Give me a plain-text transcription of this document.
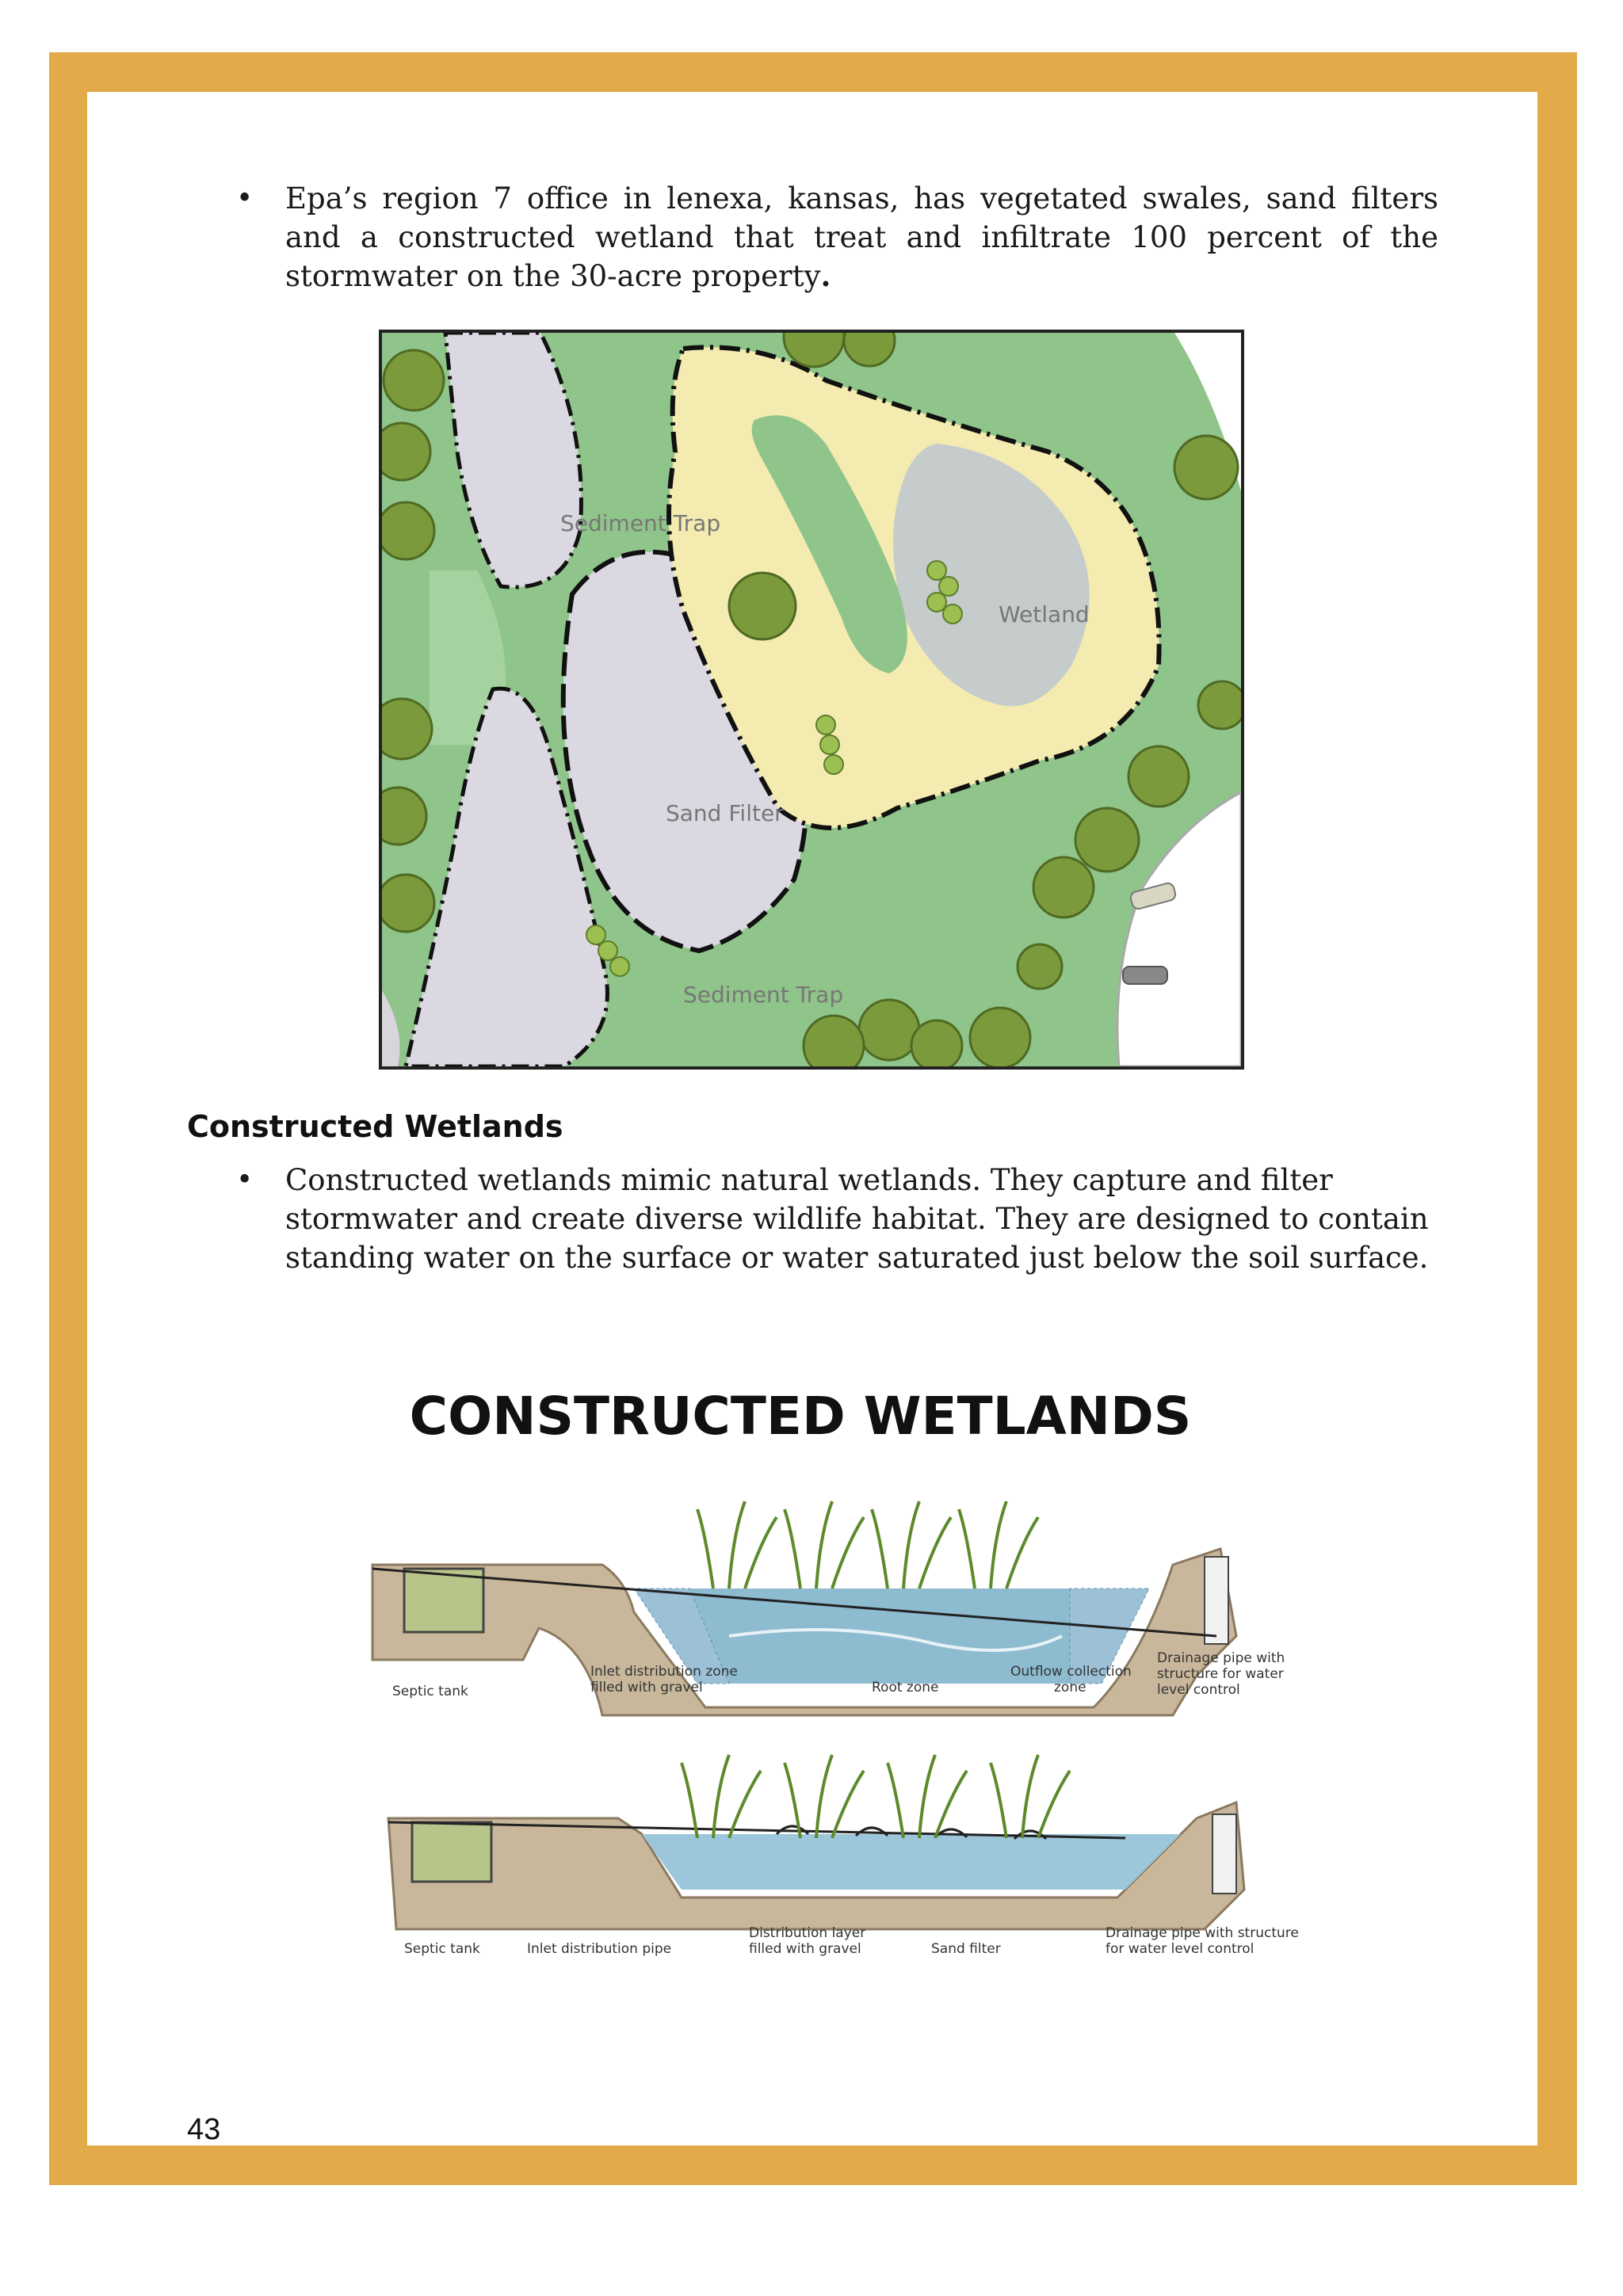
• Epa’s region 7 office in lenexa, kansas, has vegetated swales, sand filters and a constructed wetland that treat and infiltrate 100 percent of the stormwater on the 30-acre property.

Sediment Trap
Wetland
Sand Filter
Sediment Trap
Constructed Wetlands
• Constructed wetlands mimic natural wetlands. They capture and filter stormwater and create diverse wildlife habitat. They are designed to contain standing water on the surface or water saturated just below the soil surface.

CONSTRUCTED WETLANDS
Septic tank
Inlet distribution zone
filled with gravel	Root zone
Outflow collection
zone
Drainage pipe with
structure for water
level control
Septic tank	Inlet distribution pipe
Distribution layer
filled with gravel	Sand filter
Drainage pipe with structure
for water level control
43
